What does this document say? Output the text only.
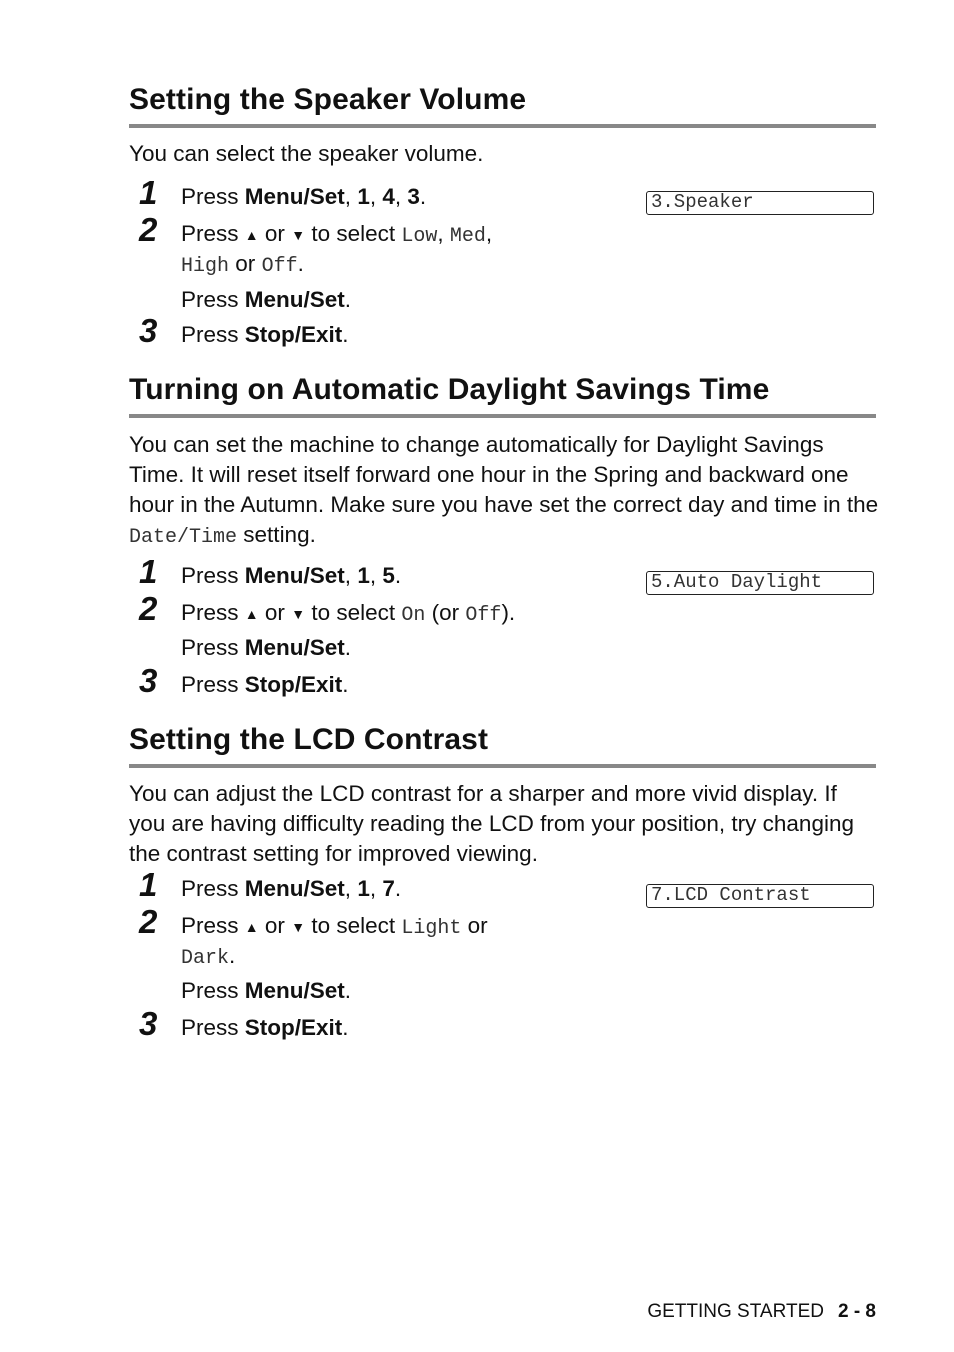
Setting the Speaker Volume
You can select the speaker volume.
1 Press Menu/Set, 1, 4, 3.	3.Speaker
2 Press ▲ or ▼ to select Low, Med,
High or Off.
Press Menu/Set.
3 Press Stop/Exit.
Turning on Automatic Daylight Savings Time
You can set the machine to change automatically for Daylight Savings Time. It will reset itself forward one hour in the Spring and backward one hour in the Autumn. Make sure you have set the correct day and time in the Date/Time setting.
1 Press Menu/Set, 1, 5.	5.Auto Daylight
2 Press ▲ or ▼ to select On (or Off).
Press Menu/Set.
3 Press Stop/Exit.
Setting the LCD Contrast
You can adjust the LCD contrast for a sharper and more vivid display. If you are having difficulty reading the LCD from your position, try changing the contrast setting for improved viewing.
1 Press Menu/Set, 1, 7.	7.LCD Contrast
2 Press ▲ or ▼ to select Light or
Dark.
Press Menu/Set.
3 Press Stop/Exit.
GETTING STARTED 2 - 8
